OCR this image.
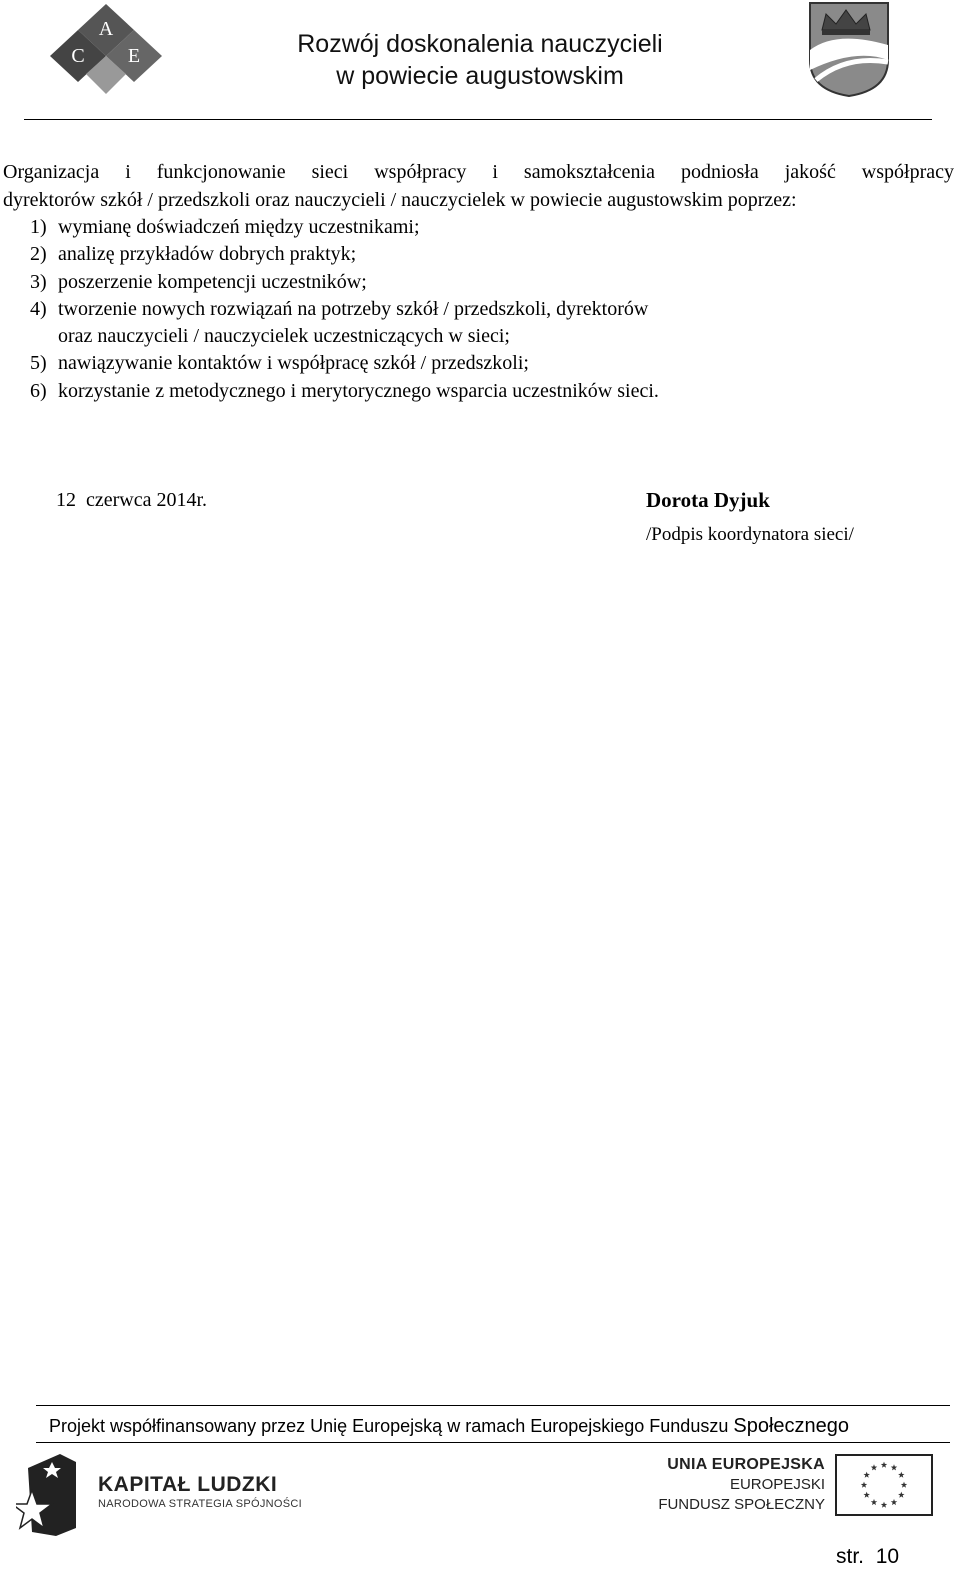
A
C E	Rozwój doskonalenia nauczycieli
w powiecie augustowskim
Organizacja i funkcjonowanie sieci współpracy i samokształcenia podniosła jakość współpracy
dyrektorów szkół / przedszkoli oraz nauczycieli / nauczycielek w powiecie augustowskim poprzez:
1) wymianę doświadczeń między uczestnikami;
2) analizę przykładów dobrych praktyk;
3) poszerzenie kompetencji uczestników;
4) tworzenie nowych rozwiązań na potrzeby szkół / przedszkoli, dyrektorów
oraz nauczycieli / nauczycielek uczestniczących w sieci;
5) nawiązywanie kontaktów i współpracę szkół / przedszkoli;
6) korzystanie z metodycznego i merytorycznego wsparcia uczestników sieci.
12  czerwca 2014r.	Dorota Dyjuk
/Podpis koordynatora sieci/
Projekt współfinansowany przez Unię Europejską w ramach Europejskiego Funduszu Społecznego
KAPITAŁ LUDZKI
NARODOWA STRATEGIA SPÓJNOŚCI
UNIA EUROPEJSKA
EUROPEJSKI
FUNDUSZ SPOŁECZNY
str. 10
